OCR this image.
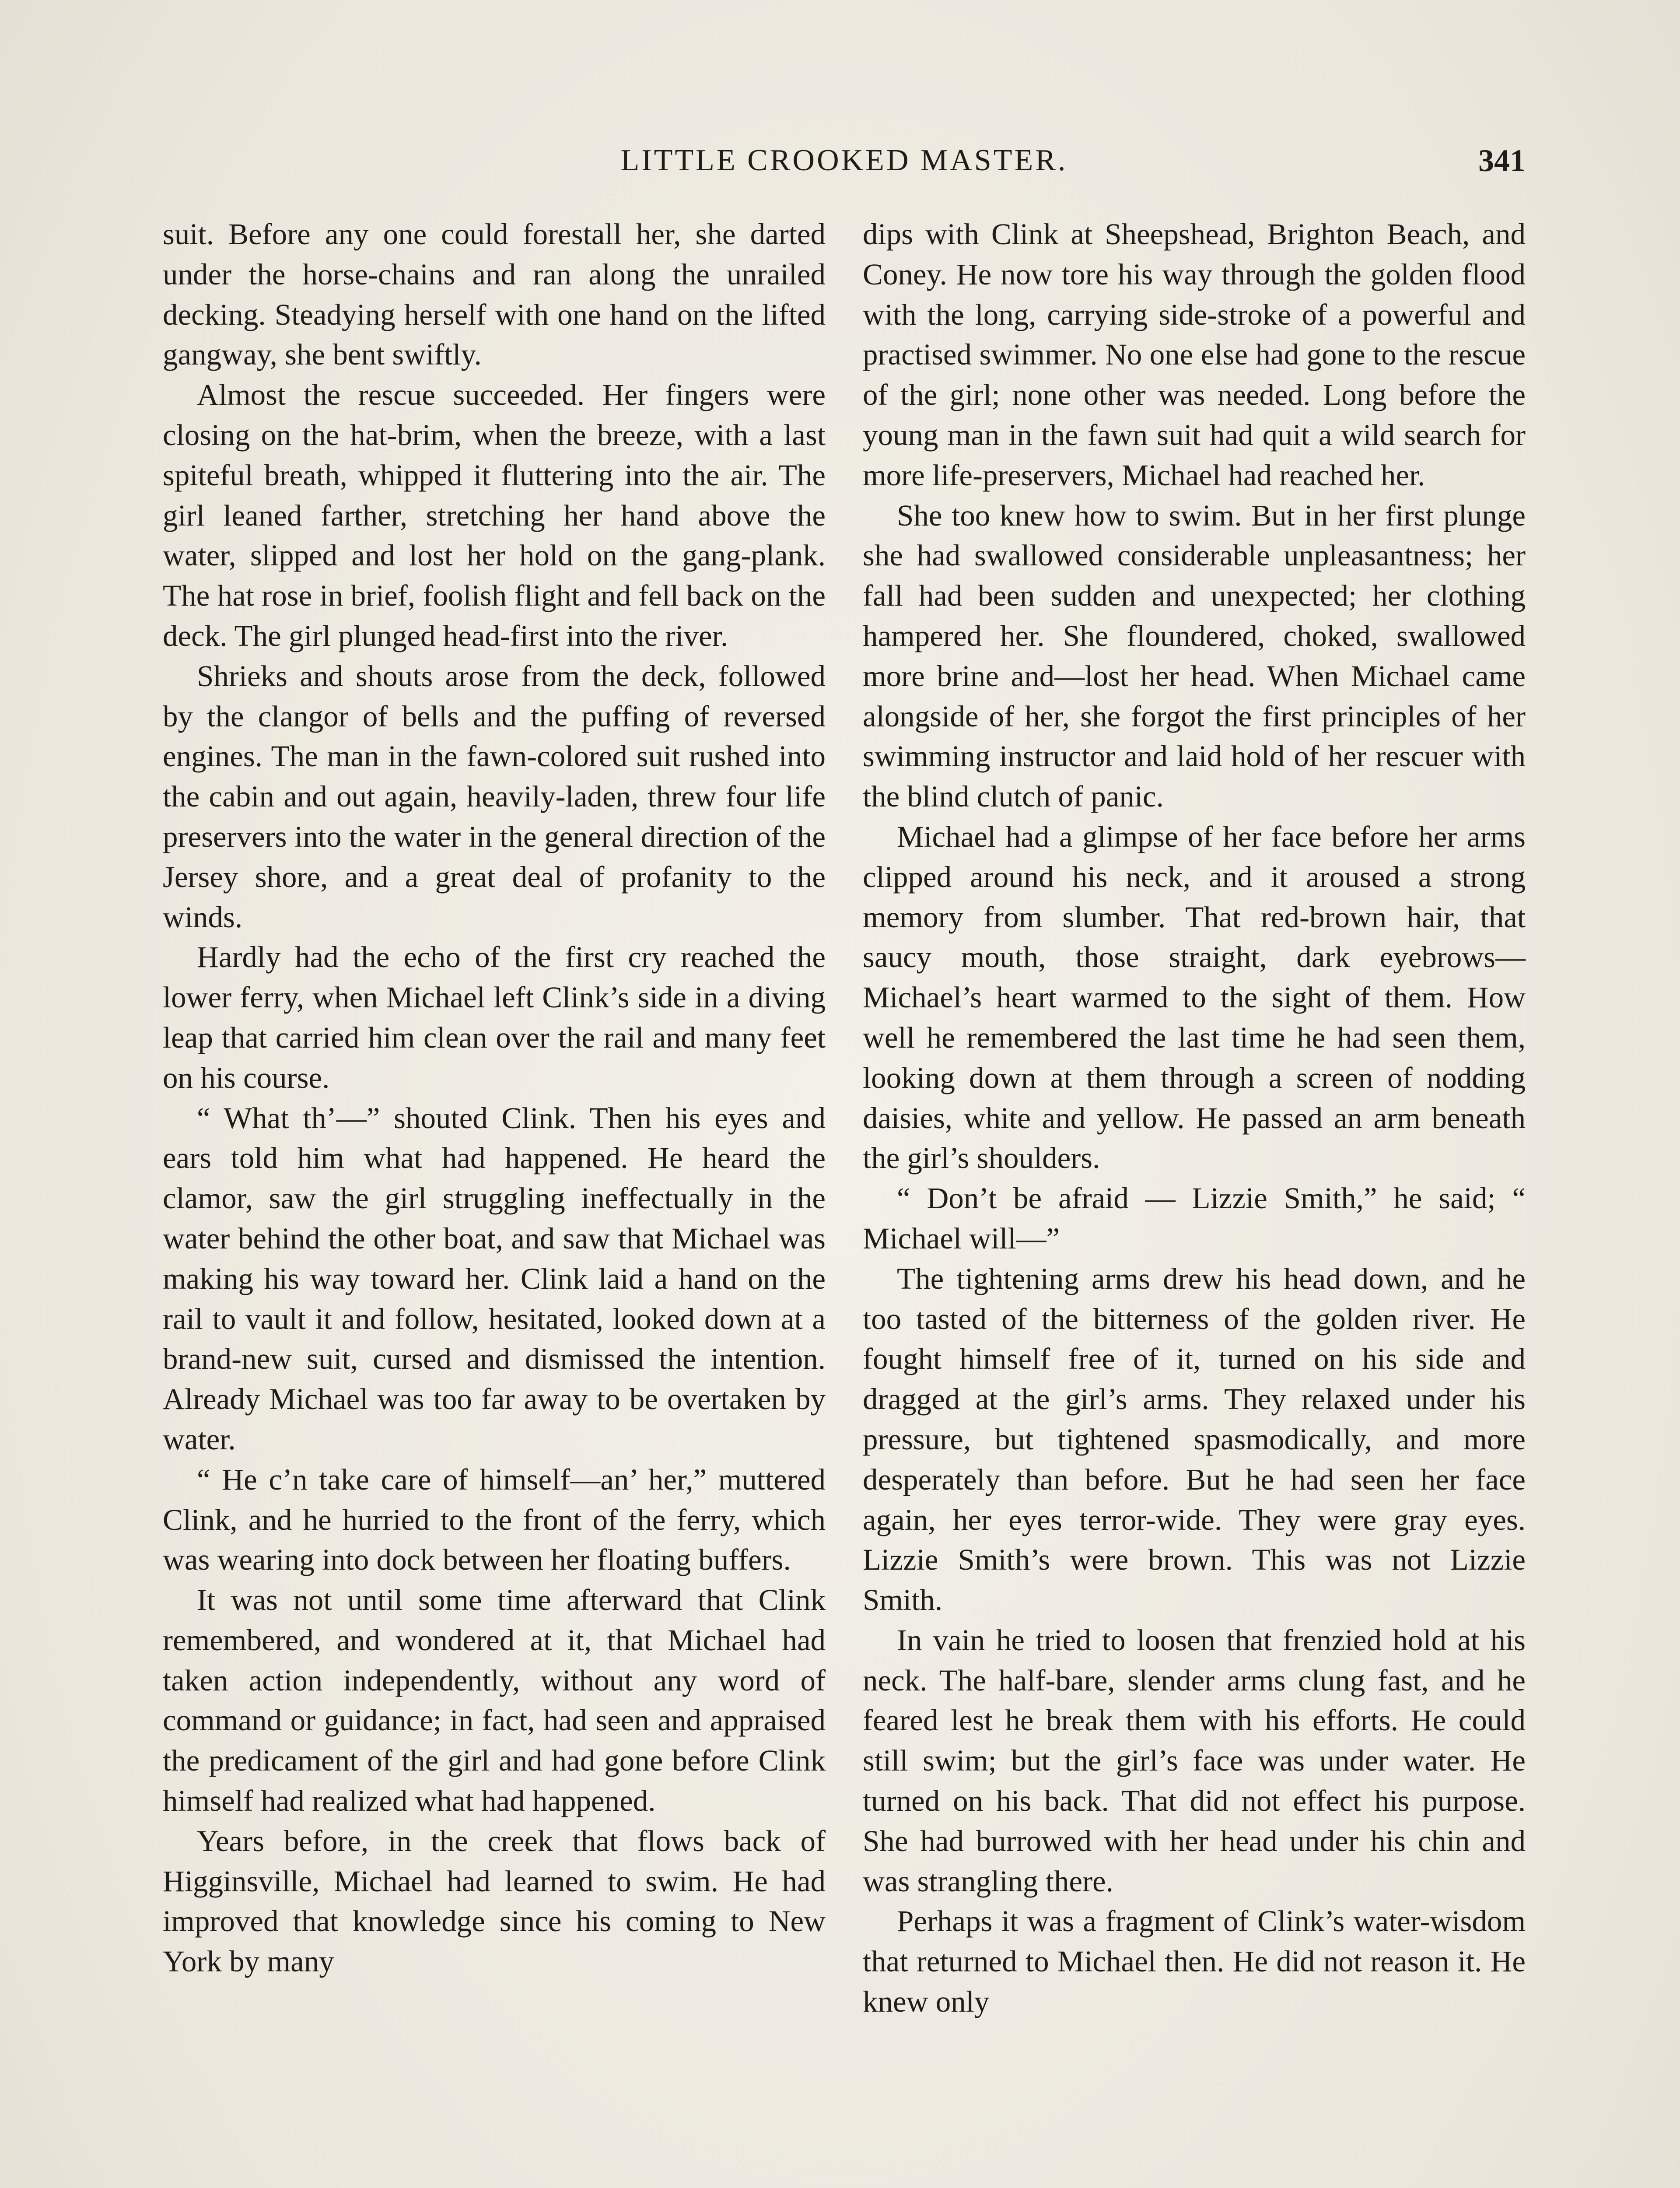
LITTLE CROOKED MASTER.	341

suit. Before any one could forestall her, she darted under the horse-chains and ran along the unrailed decking. Steadying herself with one hand on the lifted gangway, she bent swiftly.

Almost the rescue succeeded. Her fingers were closing on the hat-brim, when the breeze, with a last spiteful breath, whipped it fluttering into the air. The girl leaned farther, stretching her hand above the water, slipped and lost her hold on the gang-plank. The hat rose in brief, foolish flight and fell back on the deck. The girl plunged head-first into the river.

Shrieks and shouts arose from the deck, followed by the clangor of bells and the puffing of reversed engines. The man in the fawn-colored suit rushed into the cabin and out again, heavily-laden, threw four life preservers into the water in the general direction of the Jersey shore, and a great deal of profanity to the winds.

Hardly had the echo of the first cry reached the lower ferry, when Michael left Clink’s side in a diving leap that carried him clean over the rail and many feet on his course.

“ What th’—” shouted Clink. Then his eyes and ears told him what had happened. He heard the clamor, saw the girl struggling ineffectually in the water behind the other boat, and saw that Michael was making his way toward her. Clink laid a hand on the rail to vault it and follow, hesitated, looked down at a brand-new suit, cursed and dismissed the intention. Already Michael was too far away to be overtaken by water.

“ He c’n take care of himself—an’ her,” muttered Clink, and he hurried to the front of the ferry, which was wearing into dock between her floating buffers.

It was not until some time afterward that Clink remembered, and wondered at it, that Michael had taken action independently, without any word of command or guidance; in fact, had seen and appraised the predicament of the girl and had gone before Clink himself had realized what had happened.

Years before, in the creek that flows back of Higginsville, Michael had learned to swim. He had improved that knowledge since his coming to New York by many

dips with Clink at Sheepshead, Brighton Beach, and Coney. He now tore his way through the golden flood with the long, carrying side-stroke of a powerful and practised swimmer. No one else had gone to the rescue of the girl; none other was needed. Long before the young man in the fawn suit had quit a wild search for more life-preservers, Michael had reached her.

She too knew how to swim. But in her first plunge she had swallowed considerable unpleasantness; her fall had been sudden and unexpected; her clothing hampered her. She floundered, choked, swallowed more brine and—lost her head. When Michael came alongside of her, she forgot the first principles of her swimming instructor and laid hold of her rescuer with the blind clutch of panic.

Michael had a glimpse of her face before her arms clipped around his neck, and it aroused a strong memory from slumber. That red-brown hair, that saucy mouth, those straight, dark eyebrows—Michael’s heart warmed to the sight of them. How well he remembered the last time he had seen them, looking down at them through a screen of nodding daisies, white and yellow. He passed an arm beneath the girl’s shoulders.

“ Don’t be afraid — Lizzie Smith,” he said; “ Michael will—”

The tightening arms drew his head down, and he too tasted of the bitterness of the golden river. He fought himself free of it, turned on his side and dragged at the girl’s arms. They relaxed under his pressure, but tightened spasmodically, and more desperately than before. But he had seen her face again, her eyes terror-wide. They were gray eyes. Lizzie Smith’s were brown. This was not Lizzie Smith.

In vain he tried to loosen that frenzied hold at his neck. The half-bare, slender arms clung fast, and he feared lest he break them with his efforts. He could still swim; but the girl’s face was under water. He turned on his back. That did not effect his purpose. She had burrowed with her head under his chin and was strangling there.

Perhaps it was a fragment of Clink’s water-wisdom that returned to Michael then. He did not reason it. He knew only
